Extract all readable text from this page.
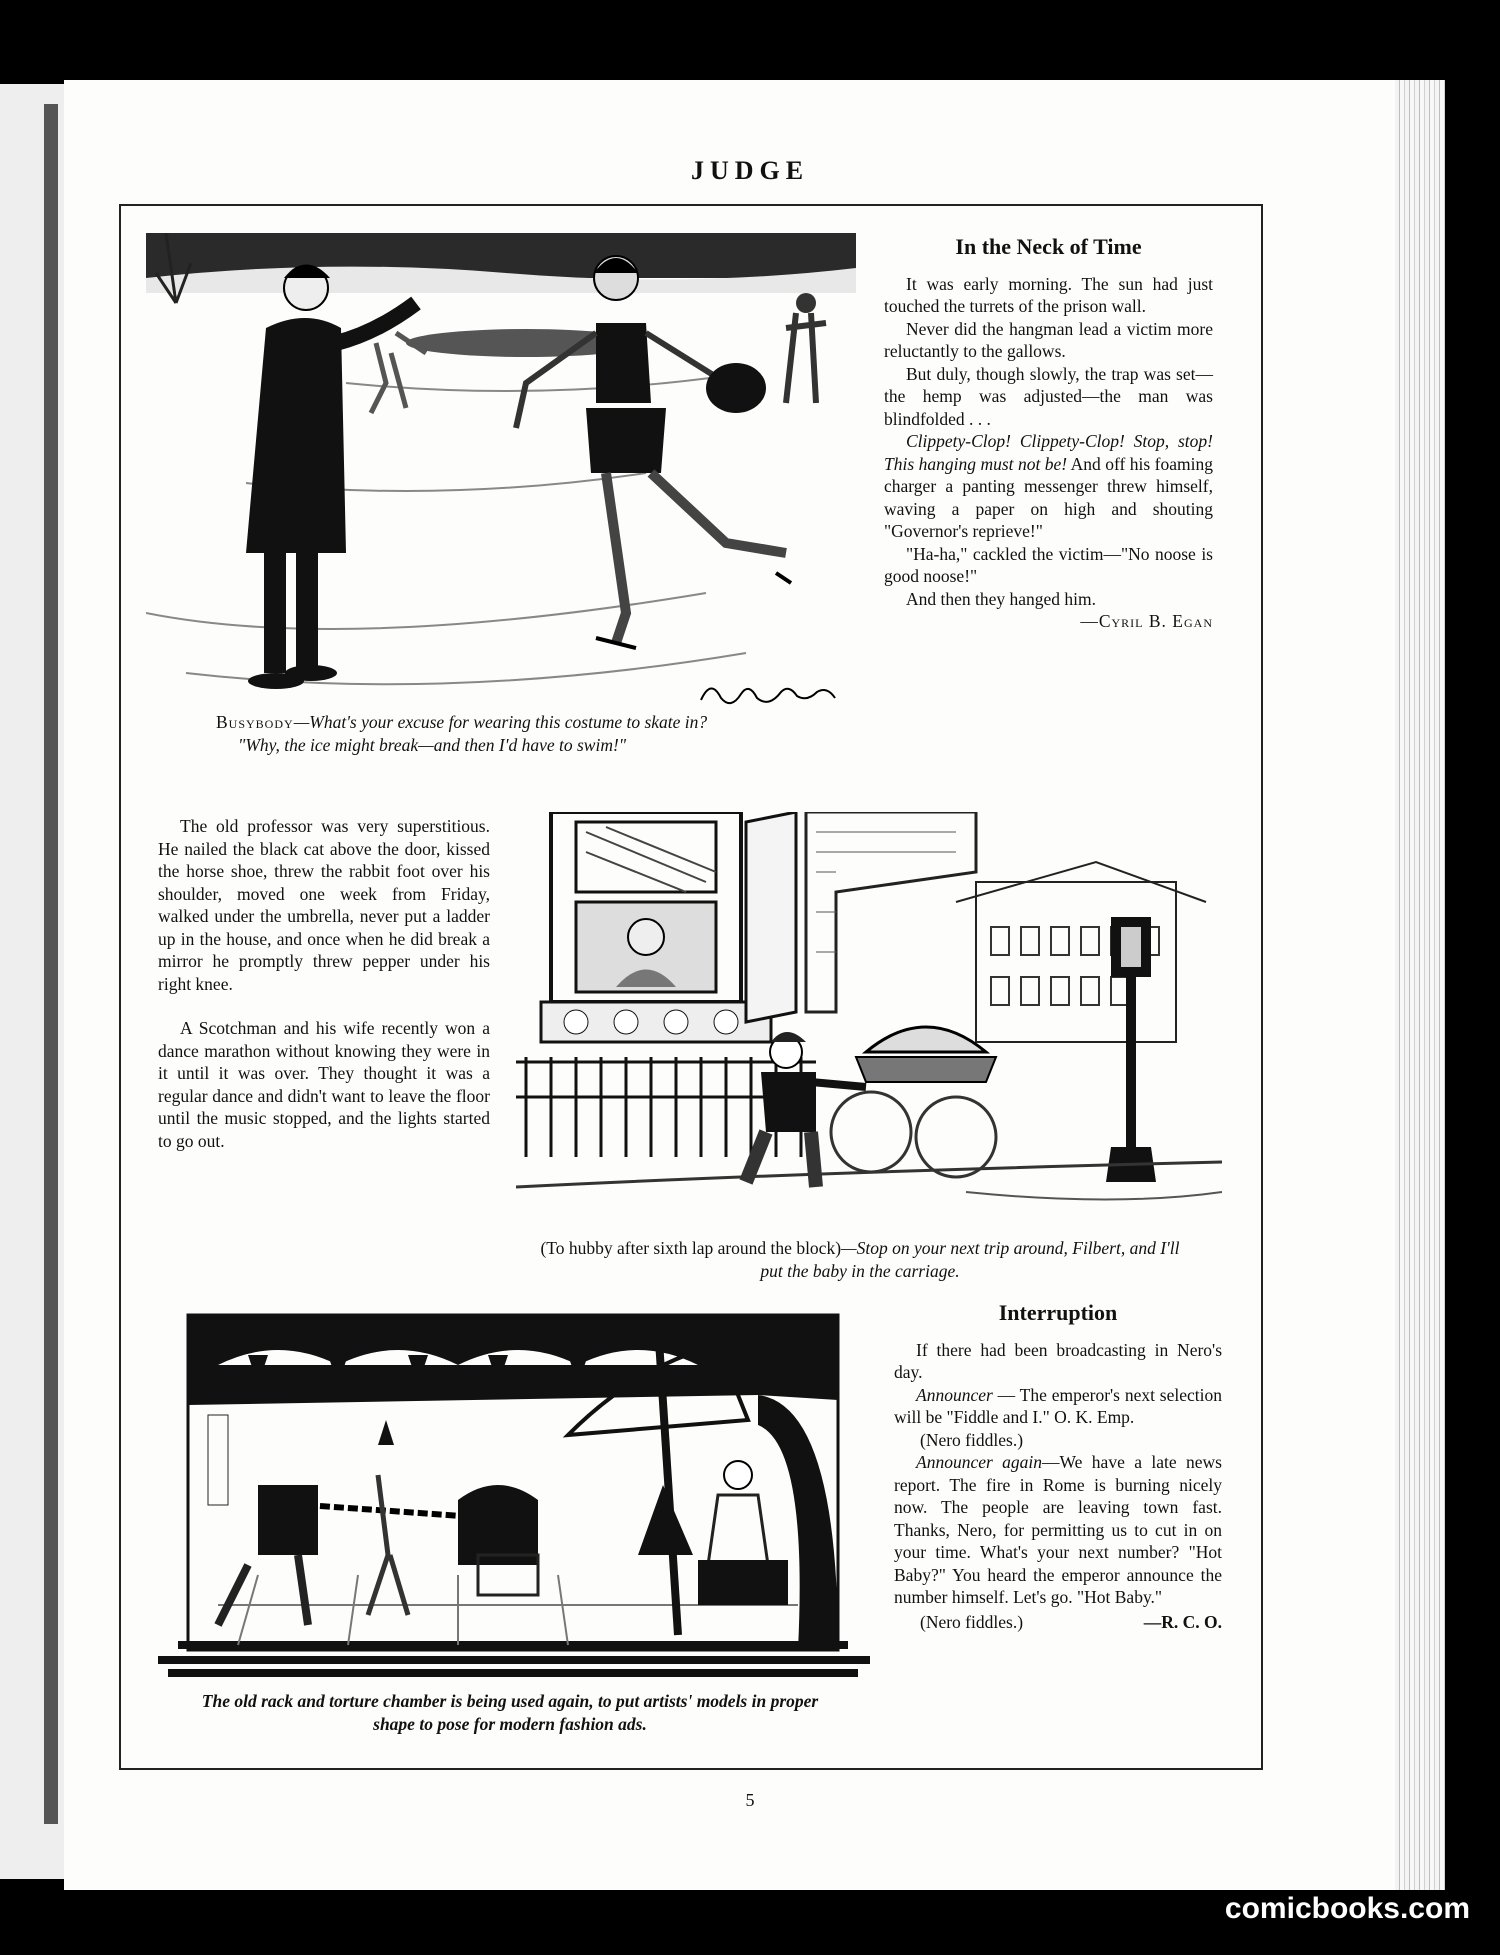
JUDGE
Busybody—What's your excuse for wearing this costume to skate in?
"Why, the ice might break—and then I'd have to swim!"
In the Neck of Time

It was early morning. The sun had just touched the turrets of the prison wall.

Never did the hangman lead a victim more reluctantly to the gallows.

But duly, though slowly, the trap was set—the hemp was adjusted—the man was blindfolded . . .

Clippety-Clop! Clippety-Clop! Stop, stop! This hanging must not be! And off his foaming charger a panting messenger threw himself, waving a paper on high and shouting "Governor's reprieve!"

"Ha-ha," cackled the victim—"No noose is good noose!"

And then they hanged him.

—Cyril B. Egan

The old professor was very superstitious. He nailed the black cat above the door, kissed the horse shoe, threw the rabbit foot over his shoulder, moved one week from Friday, walked under the umbrella, never put a ladder up in the house, and once when he did break a mirror he promptly threw pepper under his right knee.

A Scotchman and his wife recently won a dance marathon without knowing they were in it until it was over. They thought it was a regular dance and didn't want to leave the floor until the music stopped, and the lights started to go out.

(To hubby after sixth lap around the block)—Stop on your next trip around, Filbert, and I'll put the baby in the carriage.
The old rack and torture chamber is being used again, to put artists' models in proper shape to pose for modern fashion ads.
Interruption

If there had been broadcasting in Nero's day.

Announcer — The emperor's next selection will be "Fiddle and I." O. K. Emp.

(Nero fiddles.)

Announcer again—We have a late news report. The fire in Rome is burning nicely now. The people are leaving town fast. Thanks, Nero, for permitting us to cut in on your time. What's your next number? "Hot Baby?" You heard the emperor announce the number himself. Let's go. "Hot Baby."

(Nero fiddles.)	—R. C. O.
5
comicbooks.com
